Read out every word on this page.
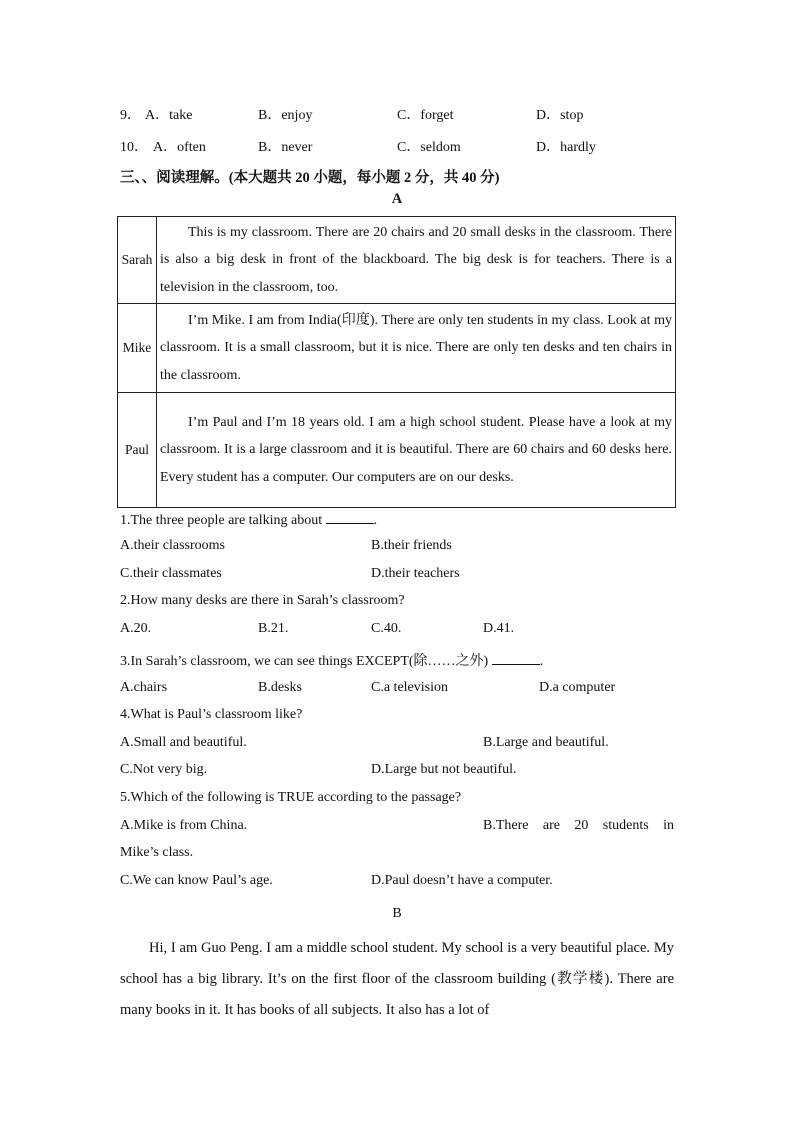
9． A．take	B．enjoy	C．forget	D．stop
10． A．often	B．never	C．seldom	D．hardly
三、、阅读理解。(本大题共 20 小题，每小题 2 分，共 40 分)
A
Sarah	This is my classroom. There are 20 chairs and 20 small desks in the classroom. There is also a big desk in front of the blackboard. The big desk is for teachers. There is a television in the classroom, too.

Mike	I’m Mike. I am from India(印度). There are only ten students in my class. Look at my classroom. It is a small classroom, but it is nice. There are only ten desks and ten chairs in the classroom.

Paul	I’m Paul and I’m 18 years old. I am a high school student. Please have a look at my classroom. It is a large classroom and it is beautiful. There are 60 chairs and 60 desks here. Every student has a computer. Our computers are on our desks.

1.The three people are talking about	.
A.their classrooms	B.their friends
C.their classmates	D.their teachers
2.How many desks are there in Sarah’s classroom?
A.20.	B.21.	C.40.	D.41.
3.In Sarah’s classroom, we can see things EXCEPT(除……之外)	.
A.chairs	B.desks	C.a television	D.a computer
4.What is Paul’s classroom like?
A.Small and beautiful.	B.Large and beautiful.
C.Not very big.	D.Large but not beautiful.
5.Which of the following is TRUE according to the passage?
A.Mike is from China.	B.There are 20 students in
Mike’s class.
C.We can know Paul’s age.	D.Paul doesn’t have a computer.
B
Hi, I am Guo Peng. I am a middle school student. My school is a very beautiful place. My school has a big library. It’s on the first floor of the classroom building (教学楼). There are many books in it. It has books of all subjects. It also has a lot of
